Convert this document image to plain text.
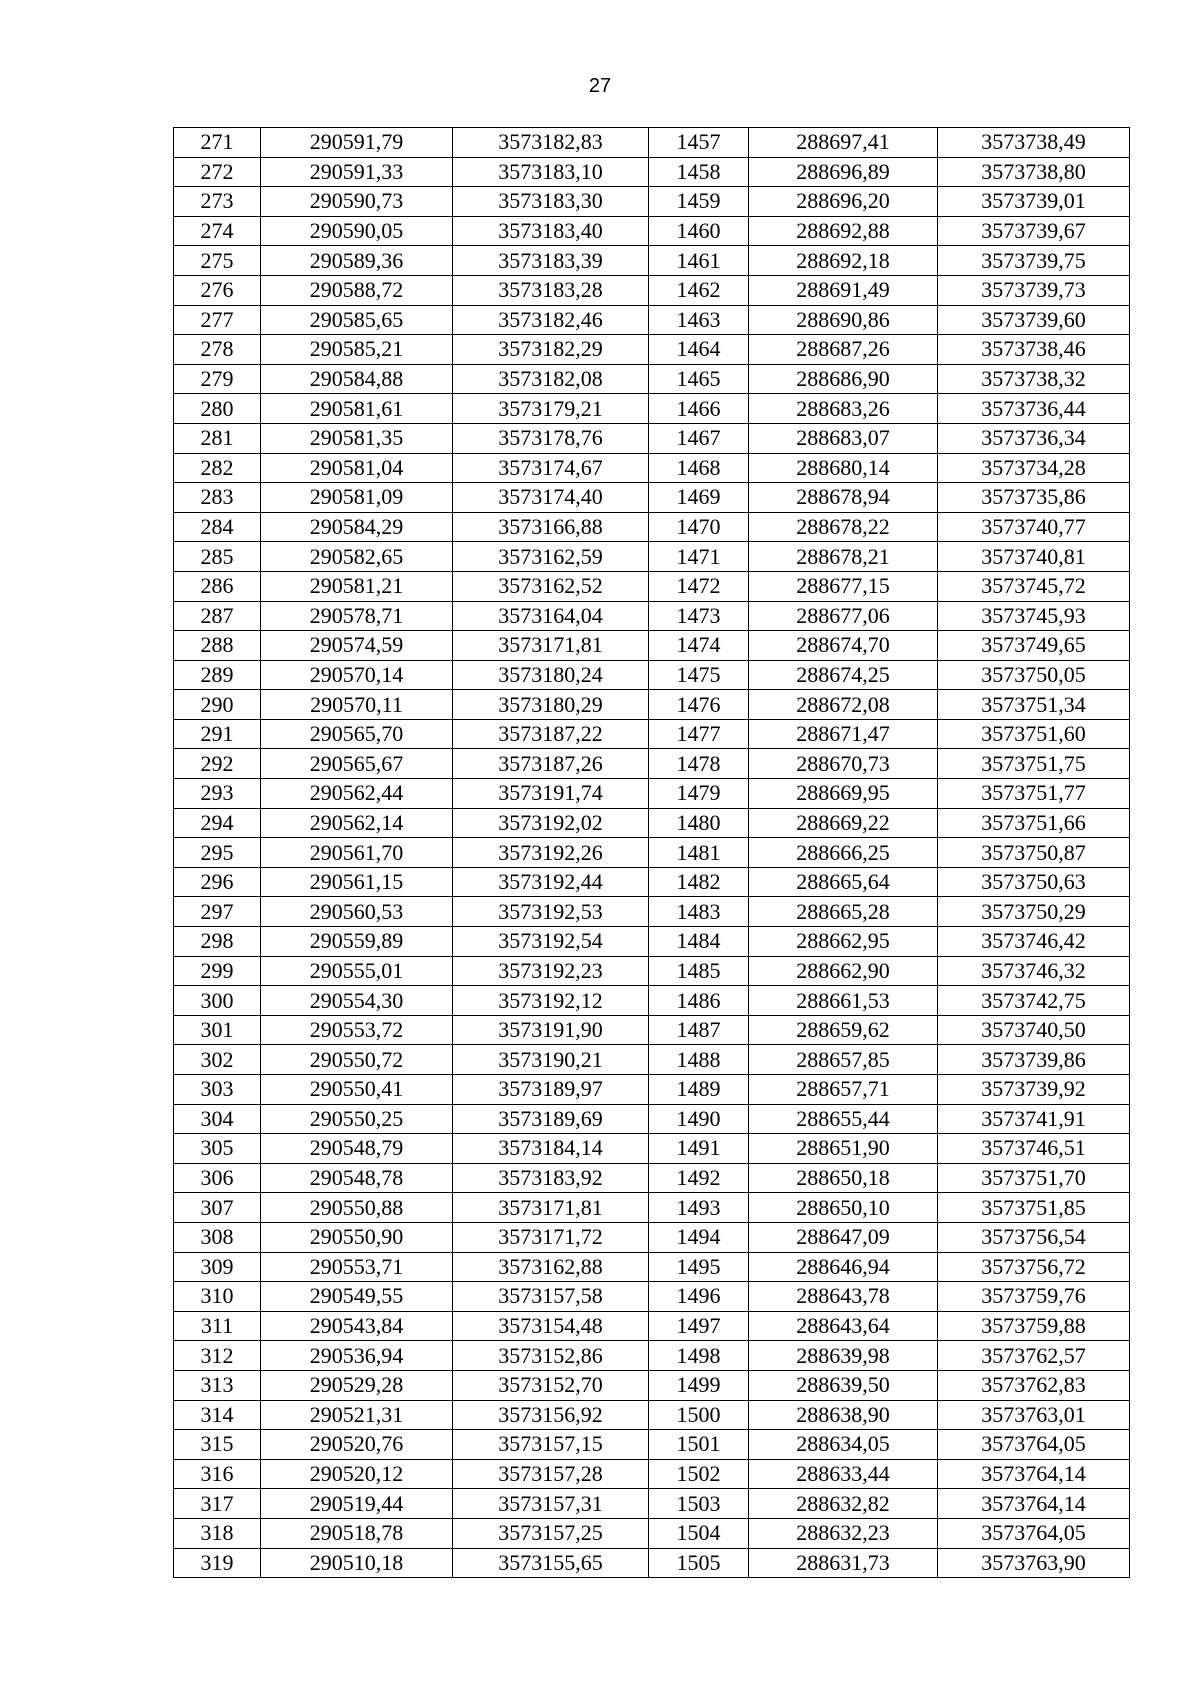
27
271	290591,79	3573182,83	1457	288697,41	3573738,49
272	290591,33	3573183,10	1458	288696,89	3573738,80
273	290590,73	3573183,30	1459	288696,20	3573739,01
274	290590,05	3573183,40	1460	288692,88	3573739,67
275	290589,36	3573183,39	1461	288692,18	3573739,75
276	290588,72	3573183,28	1462	288691,49	3573739,73
277	290585,65	3573182,46	1463	288690,86	3573739,60
278	290585,21	3573182,29	1464	288687,26	3573738,46
279	290584,88	3573182,08	1465	288686,90	3573738,32
280	290581,61	3573179,21	1466	288683,26	3573736,44
281	290581,35	3573178,76	1467	288683,07	3573736,34
282	290581,04	3573174,67	1468	288680,14	3573734,28
283	290581,09	3573174,40	1469	288678,94	3573735,86
284	290584,29	3573166,88	1470	288678,22	3573740,77
285	290582,65	3573162,59	1471	288678,21	3573740,81
286	290581,21	3573162,52	1472	288677,15	3573745,72
287	290578,71	3573164,04	1473	288677,06	3573745,93
288	290574,59	3573171,81	1474	288674,70	3573749,65
289	290570,14	3573180,24	1475	288674,25	3573750,05
290	290570,11	3573180,29	1476	288672,08	3573751,34
291	290565,70	3573187,22	1477	288671,47	3573751,60
292	290565,67	3573187,26	1478	288670,73	3573751,75
293	290562,44	3573191,74	1479	288669,95	3573751,77
294	290562,14	3573192,02	1480	288669,22	3573751,66
295	290561,70	3573192,26	1481	288666,25	3573750,87
296	290561,15	3573192,44	1482	288665,64	3573750,63
297	290560,53	3573192,53	1483	288665,28	3573750,29
298	290559,89	3573192,54	1484	288662,95	3573746,42
299	290555,01	3573192,23	1485	288662,90	3573746,32
300	290554,30	3573192,12	1486	288661,53	3573742,75
301	290553,72	3573191,90	1487	288659,62	3573740,50
302	290550,72	3573190,21	1488	288657,85	3573739,86
303	290550,41	3573189,97	1489	288657,71	3573739,92
304	290550,25	3573189,69	1490	288655,44	3573741,91
305	290548,79	3573184,14	1491	288651,90	3573746,51
306	290548,78	3573183,92	1492	288650,18	3573751,70
307	290550,88	3573171,81	1493	288650,10	3573751,85
308	290550,90	3573171,72	1494	288647,09	3573756,54
309	290553,71	3573162,88	1495	288646,94	3573756,72
310	290549,55	3573157,58	1496	288643,78	3573759,76
311	290543,84	3573154,48	1497	288643,64	3573759,88
312	290536,94	3573152,86	1498	288639,98	3573762,57
313	290529,28	3573152,70	1499	288639,50	3573762,83
314	290521,31	3573156,92	1500	288638,90	3573763,01
315	290520,76	3573157,15	1501	288634,05	3573764,05
316	290520,12	3573157,28	1502	288633,44	3573764,14
317	290519,44	3573157,31	1503	288632,82	3573764,14
318	290518,78	3573157,25	1504	288632,23	3573764,05
319	290510,18	3573155,65	1505	288631,73	3573763,90
